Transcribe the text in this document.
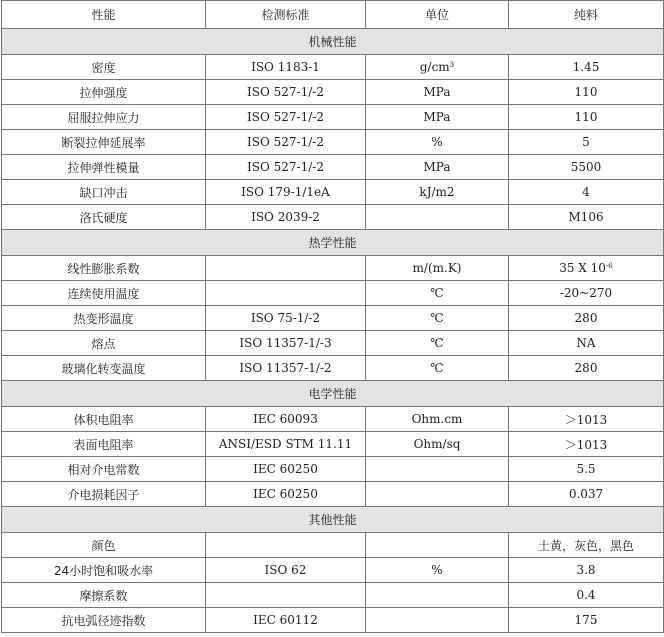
性能	检测标准	单位	纯料
机械性能			
密度	ISO 1183-1	$g/cm^3$	1.45
拉伸强度	ISO 527-1/-2	MPa	110
屈服拉伸应力	ISO 527-1/-2	MPa	110
断裂拉伸延展率	ISO 527-1/-2	%	5
拉伸弹性模量	ISO 527-1/-2	MPa	5500
缺口冲击	ISO 179-1/1eA	kJ/m2	4
洛氏硬度	ISO 2039-2		M106
热学性能			
线性膨胀系数		m/(m.K)	35 X $10^{-6}$
连续使用温度		℃	-20~270
热变形温度	ISO 75-1/-2	℃	280
熔点	ISO 11357-1/-3	℃	NA
玻璃化转变温度	ISO 11357-1/-2	℃	280
电学性能			
体积电阻率	IEC 60093	Ohm.cm	＞1013
表面电阻率	ANSI/ESD STM 11.11	Ohm/sq	＞1013
相对介电常数	IEC 60250		5.5
介电损耗因子	IEC 60250		0.037
其他性能			
颜色			土黄，灰色，黑色
24小时饱和吸水率	ISO 62	%	3.8
摩擦系数			0.4
抗电弧径迹指数	IEC 60112		175
